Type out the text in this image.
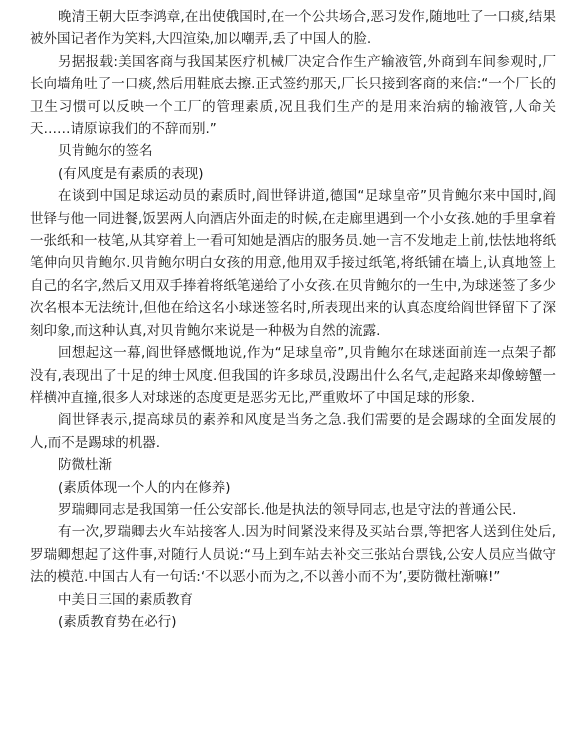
晚清王朝大臣李鸿章,在出使俄国时,在一个公共场合,恶习发作,随地吐了一口痰,结果被外国记者作为笑料,大四渲染,加以嘲弄,丢了中国人的脸.

另据报载:美国客商与我国某医疗机械厂决定合作生产输液管,外商到车间参观时,厂长向墙角吐了一口痰,然后用鞋底去擦.正式签约那天,厂长只接到客商的来信:“一个厂长的卫生习惯可以反映一个工厂的管理素质,况且我们生产的是用来治病的输液管,人命关天……请原谅我们的不辞而别.”

贝肯鲍尔的签名

(有风度是有素质的表现)

在谈到中国足球运动员的素质时,阎世铎讲道,德国“足球皇帝”贝肯鲍尔来中国时,阎世铎与他一同进餐,饭罢两人向酒店外面走的时候,在走廊里遇到一个小女孩.她的手里拿着一张纸和一枝笔,从其穿着上一看可知她是酒店的服务员.她一言不发地走上前,怯怯地将纸笔伸向贝肯鲍尔.贝肯鲍尔明白女孩的用意,他用双手接过纸笔,将纸铺在墙上,认真地签上自己的名字,然后又用双手捧着将纸笔递给了小女孩.在贝肯鲍尔的一生中,为球迷签了多少次名根本无法统计,但他在给这名小球迷签名时,所表现出来的认真态度给阎世铎留下了深刻印象,而这种认真,对贝肯鲍尔来说是一种极为自然的流露.

回想起这一幕,阎世铎感慨地说,作为“足球皇帝”,贝肯鲍尔在球迷面前连一点架子都没有,表现出了十足的绅士风度.但我国的许多球员,没踢出什么名气,走起路来却像螃蟹一样横冲直撞,很多人对球迷的态度更是恶劣无比,严重败坏了中国足球的形象.

阎世铎表示,提高球员的素养和风度是当务之急.我们需要的是会踢球的全面发展的人,而不是踢球的机器.

防微杜渐

(素质体现一个人的内在修养)

罗瑞卿同志是我国第一任公安部长.他是执法的领导同志,也是守法的普通公民.

有一次,罗瑞卿去火车站接客人.因为时间紧没来得及买站台票,等把客人送到住处后,罗瑞卿想起了这件事,对随行人员说:“马上到车站去补交三张站台票钱,公安人员应当做守法的模范.中国古人有一句话:‘不以恶小而为之,不以善小而不为’,要防微杜渐嘛!”

中美日三国的素质教育

(素质教育势在必行)
